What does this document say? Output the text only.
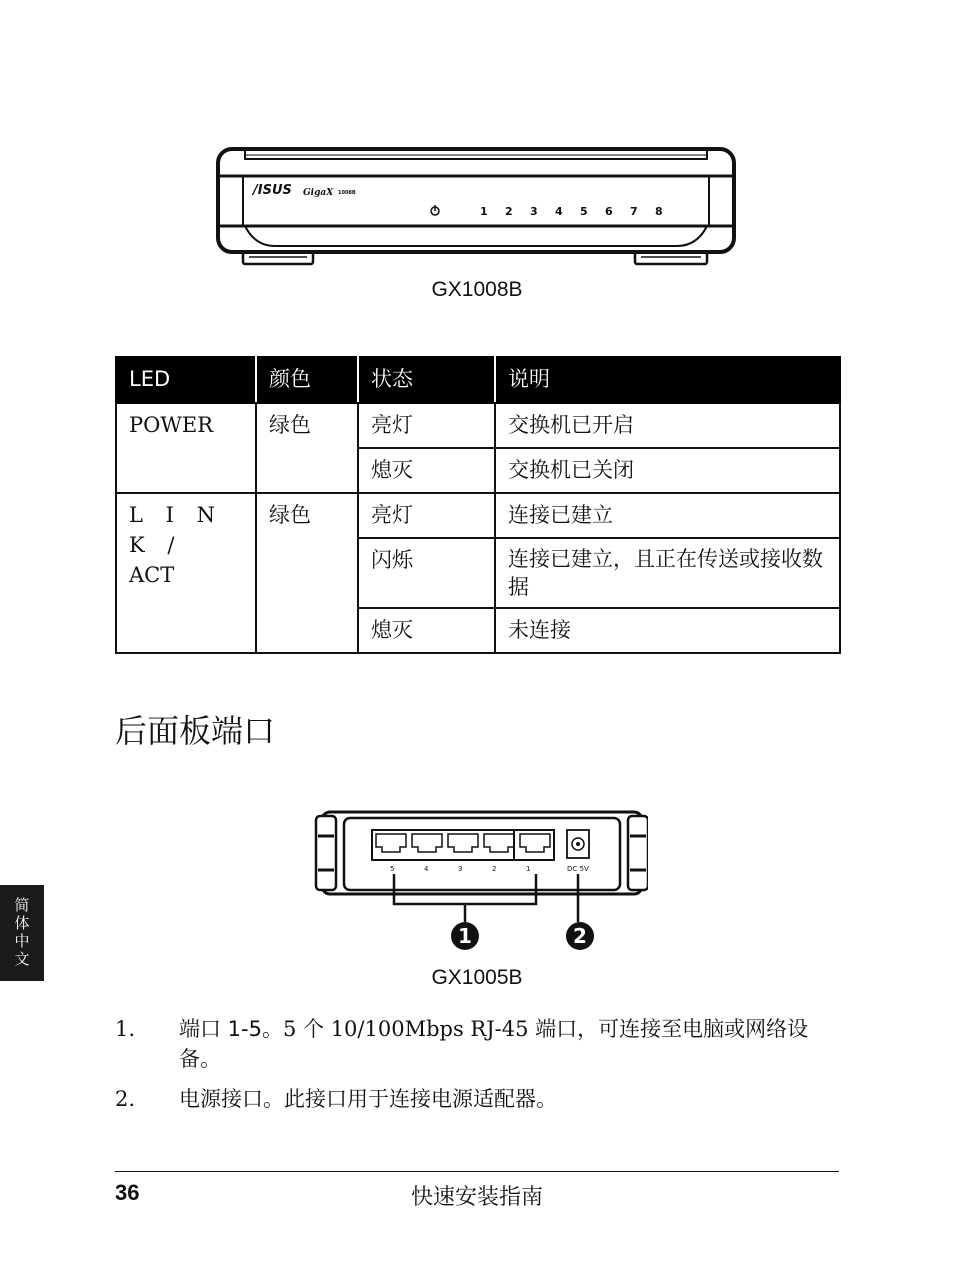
/ISUS GigaX 1008B
1 2 3 4 5 6 7 8
GX1008B
LED	颜色	状态	说明
POWER	绿色	亮灯	交换机已开启
		熄灭	交换机已关闭

L I N K /
ACT	绿色	亮灯	连接已建立
		闪烁	连接已建立，且正在传送或接收数据
		熄灭	未连接
后面板端口
5	4	3	2	1	DC 5V
1	2
GX1005B
简体中文
1.	端口 1-5。5 个 10/100Mbps RJ-45 端口，可连接至电脑或网络设备。
2.	电源接口。此接口用于连接电源适配器。
36	快速安装指南
